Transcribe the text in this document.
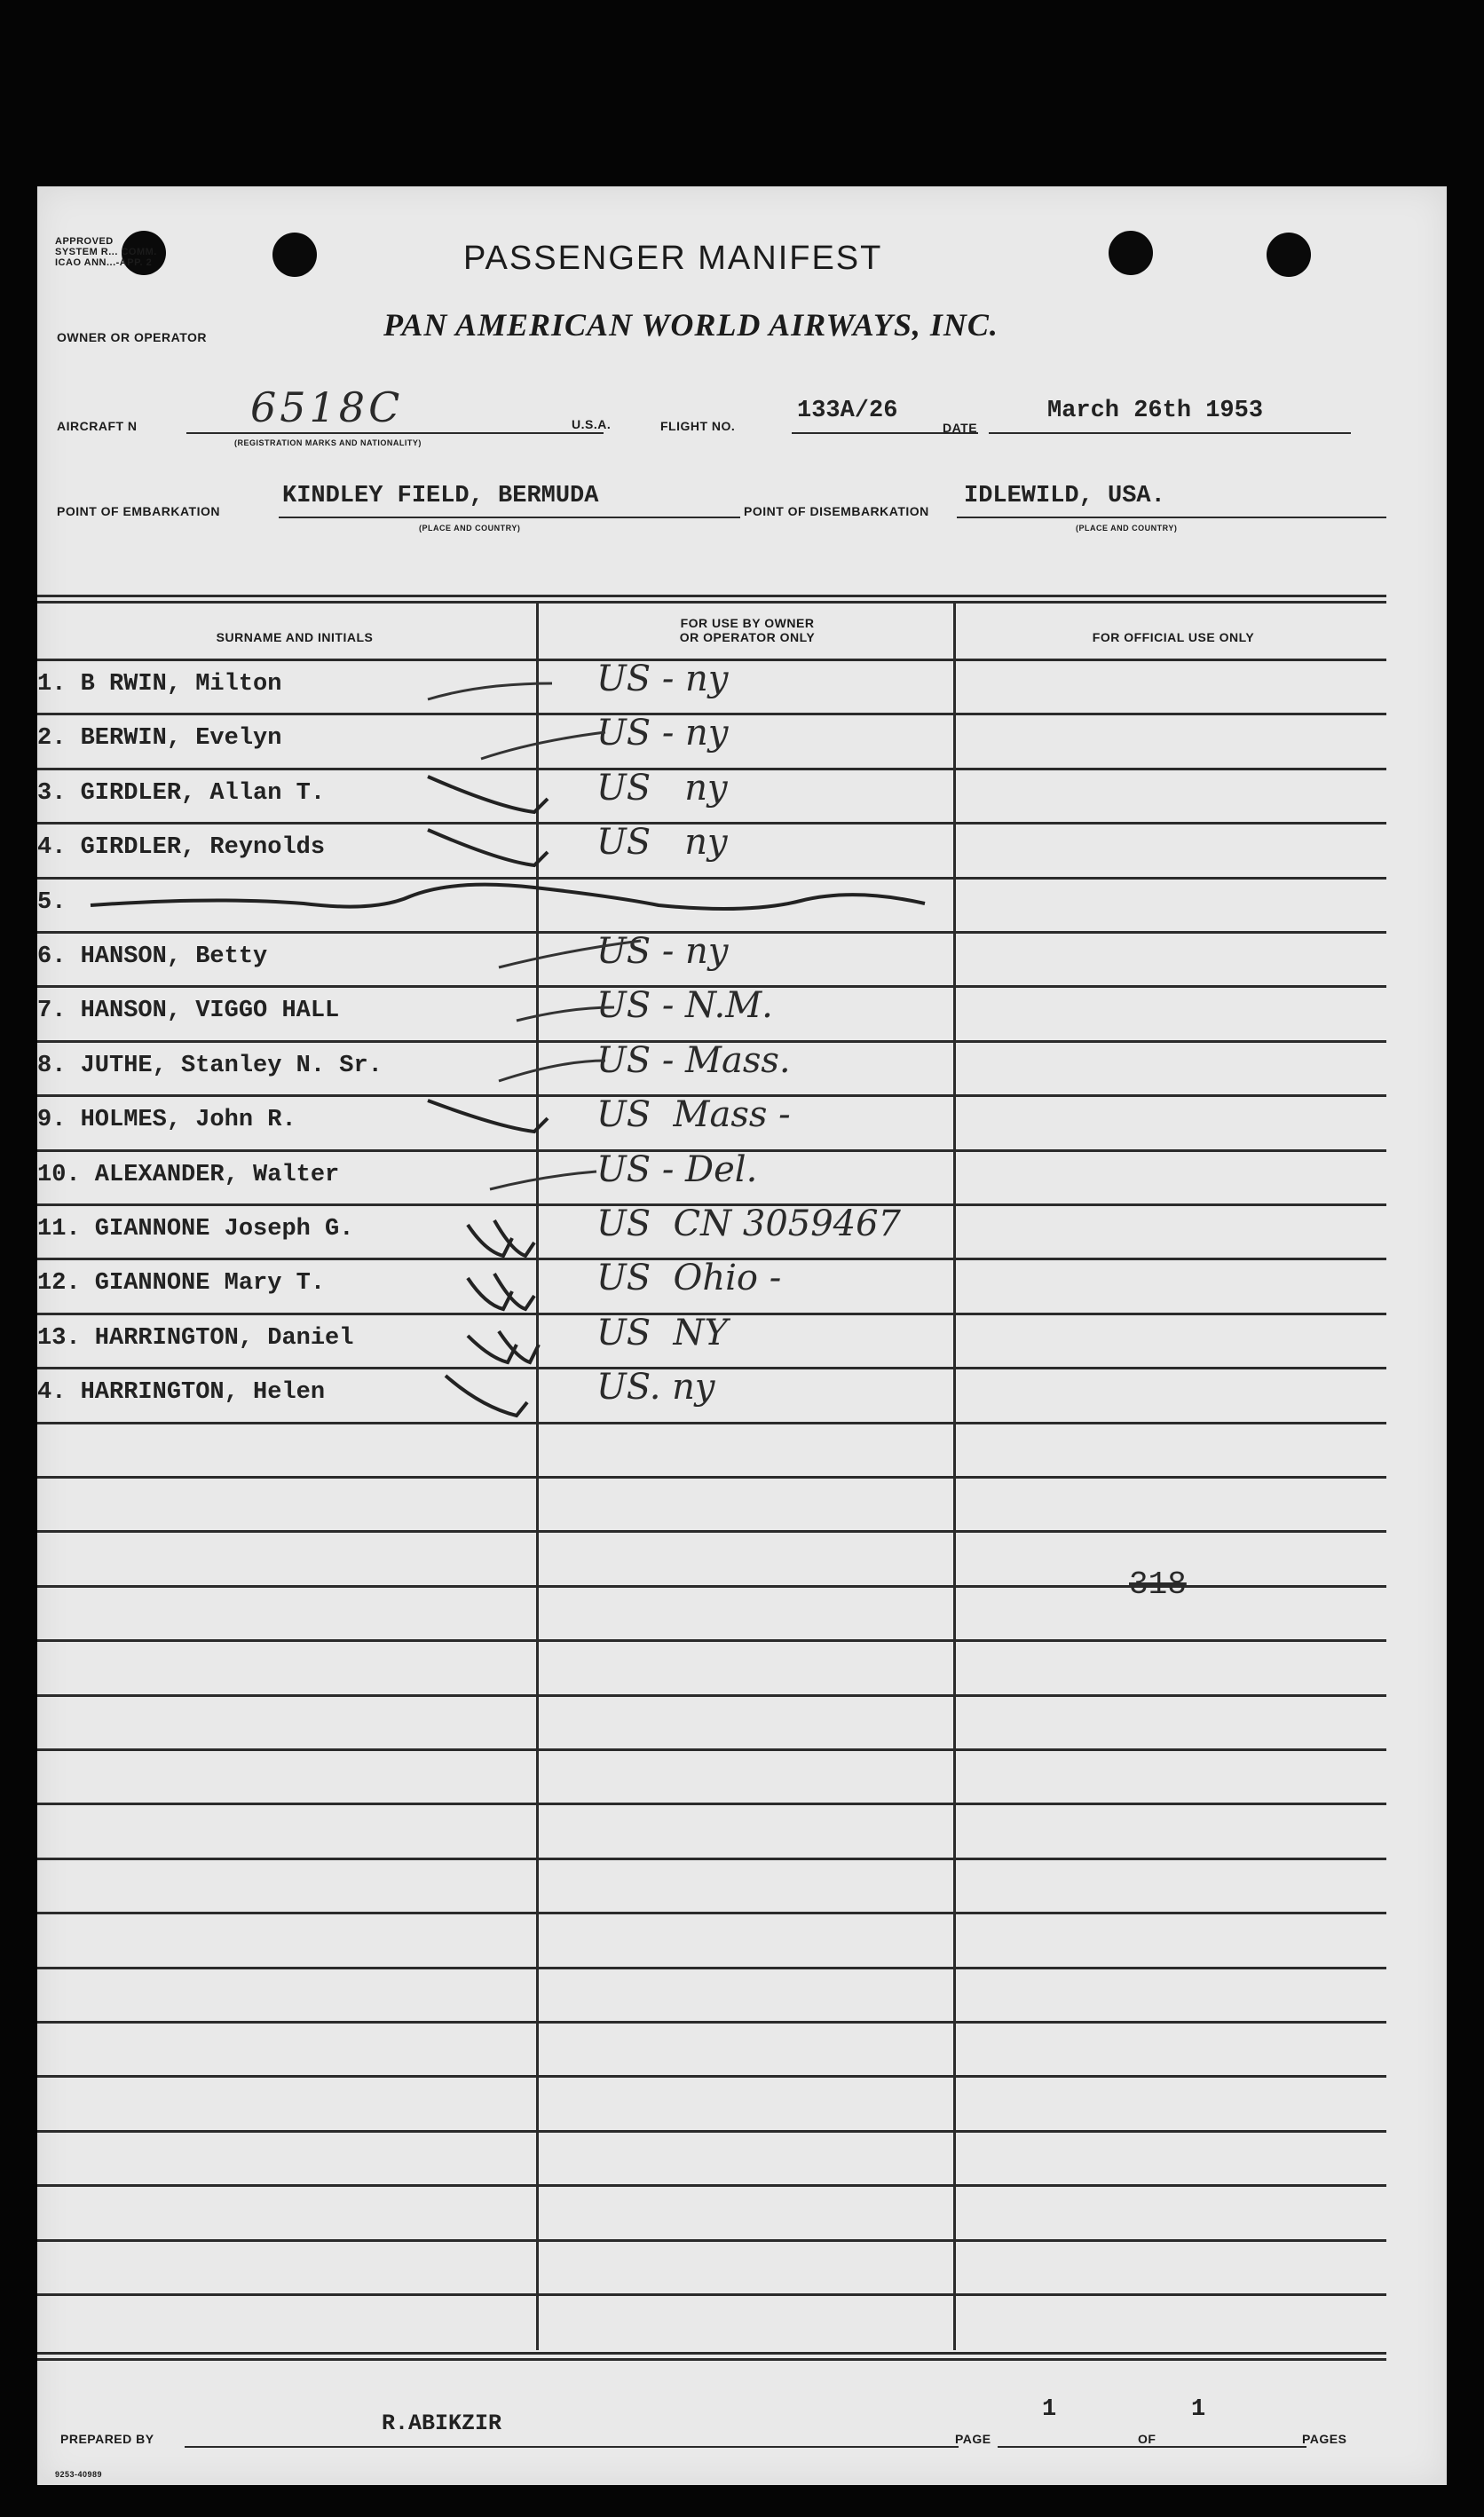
APPROVED
SYSTEM R... COMM.
ICAO ANN...-APP. 2	PASSENGER MANIFEST
OWNER OR OPERATOR	PAN AMERICAN WORLD AIRWAYS, INC.
AIRCRAFT N	6518C
(REGISTRATION MARKS AND NATIONALITY)
U.S.A.	FLIGHT NO.
133A/26
DATE
March 26th 1953
POINT OF EMBARKATION
KINDLEY FIELD, BERMUDA
(PLACE AND COUNTRY)
POINT OF DISEMBARKATION
IDLEWILD, USA.
(PLACE AND COUNTRY)
SURNAME AND INITIALS
FOR USE BY OWNER
OR OPERATOR ONLY	FOR OFFICIAL USE ONLY
1. B RWIN, Milton	US - ny
2. BERWIN, Evelyn	US - ny
3. GIRDLER, Allan T.	US   ny
4. GIRDLER, Reynolds	US   ny
5.
6. HANSON, Betty	US - ny
7. HANSON, VIGGO HALL	US - N.M.
8. JUTHE, Stanley N. Sr.	US - Mass.
9. HOLMES, John R.	US  Mass -
10. ALEXANDER, Walter	US - Del.
11. GIANNONE Joseph G.	US  CN 3059467
12. GIANNONE Mary T.	US  Ohio -
13. HARRINGTON, Daniel	US  NY
4. HARRINGTON, Helen	US. ny
318
PREPARED BY
R.ABIKZIR
PAGE
1
OF
1
PAGES
9253-40989
